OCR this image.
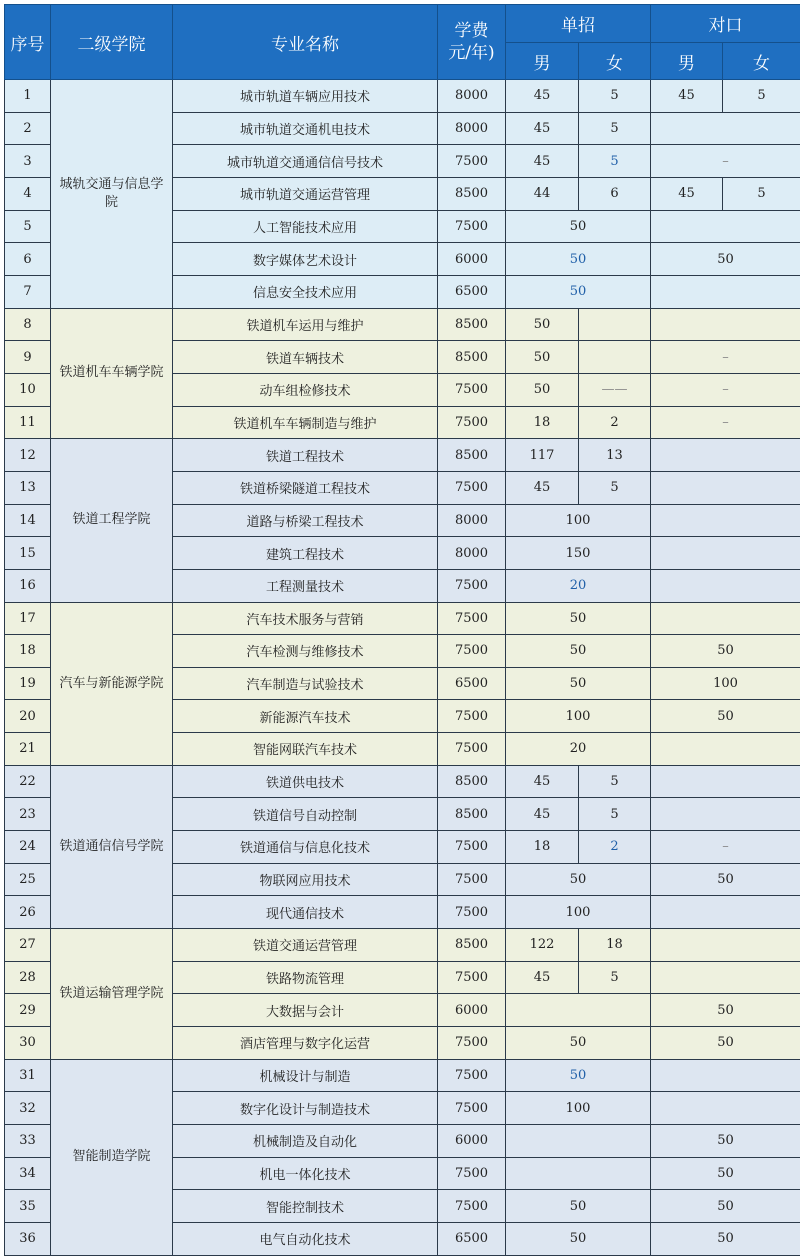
序号	二级学院	专业名称	学费
元/年)	单招		对口	
				男	女	男	女
1	城轨交通与信息学院	城市轨道车辆应用技术	8000	45	5	45	5
2		城市轨道交通机电技术	8000	45	5		
3		城市轨道交通通信信号技术	7500	45	5	–	
4		城市轨道交通运营管理	8500	44	6	45	5
5		人工智能技术应用	7500	50			
6		数字媒体艺术设计	6000	50		50	
7		信息安全技术应用	6500	50			
8	铁道机车车辆学院	铁道机车运用与维护	8500	50			
9		铁道车辆技术	8500	50		–	
10		动车组检修技术	7500	50	——	–	
11		铁道机车车辆制造与维护	7500	18	2	–	
12	铁道工程学院	铁道工程技术	8500	117	13		
13		铁道桥梁隧道工程技术	7500	45	5		
14		道路与桥梁工程技术	8000	100			
15		建筑工程技术	8000	150			
16		工程测量技术	7500	20			
17	汽车与新能源学院	汽车技术服务与营销	7500	50			
18		汽车检测与维修技术	7500	50		50	
19		汽车制造与试验技术	6500	50		100	
20		新能源汽车技术	7500	100		50	
21		智能网联汽车技术	7500	20			
22	铁道通信信号学院	铁道供电技术	8500	45	5		
23		铁道信号自动控制	8500	45	5		
24		铁道通信与信息化技术	7500	18	2	–	
25		物联网应用技术	7500	50		50	
26		现代通信技术	7500	100			
27	铁道运输管理学院	铁道交通运营管理	8500	122	18		
28		铁路物流管理	7500	45	5		
29		大数据与会计	6000			50	
30		酒店管理与数字化运营	7500	50		50	
31	智能制造学院	机械设计与制造	7500	50			
32		数字化设计与制造技术	7500	100			
33		机械制造及自动化	6000			50	
34		机电一体化技术	7500			50	
35		智能控制技术	7500	50		50	
36		电气自动化技术	6500	50		50	
